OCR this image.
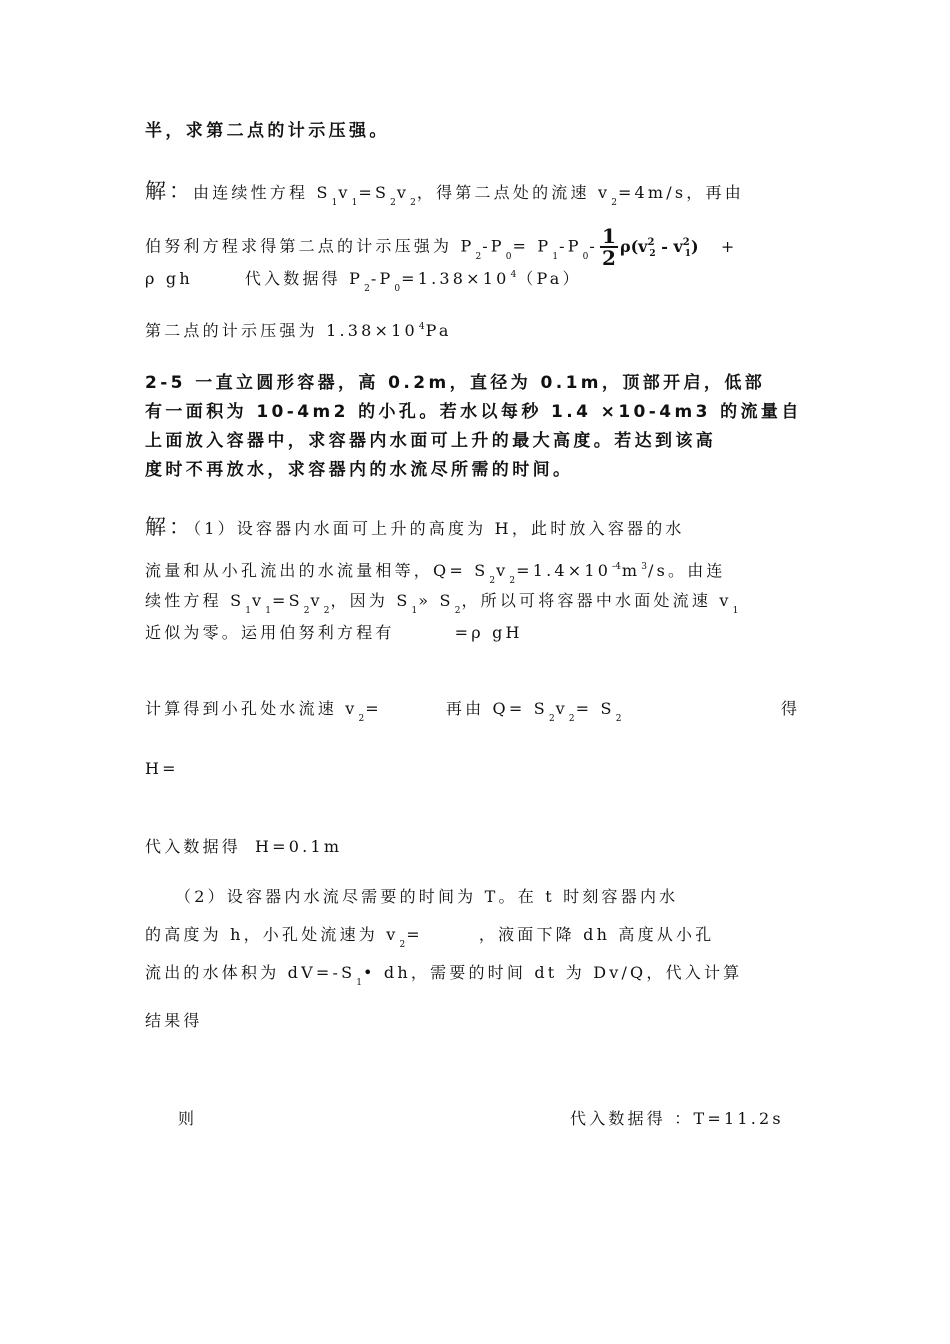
半，求第二点的计示压强。
解：由连续性方程 $S_1v_1=S_2v_2$，得第二点处的流速 $v_2=4m/s$，再由
伯努利方程求得第二点的计示压强为 $P_2-P_0= P_1-P_0- \frac{1}{2} \rho(v^2_2 - v^2_1)$ +
ρ gh	代入数据得 $P_2-P_0=1.38\times 10^4(Pa)$
第二点的计示压强为 $1.38\times 10^4Pa$
2-5 一直立圆形容器，高 0.2m，直径为 0.1m，顶部开启，低部
有一面积为 10-4m2 的小孔。若水以每秒 1.4 ×10-4m3 的流量自
上面放入容器中，求容器内水面可上升的最大高度。若达到该高
度时不再放水，求容器内的水流尽所需的时间。
解：（1）设容器内水面可上升的高度为 H，此时放入容器的水
流量和从小孔流出的水流量相等，$Q= S_2v_2=1.4\times 10^{-4}m^3/s$。由连
续性方程 $S_1v_1=S_2v_2$，因为 $S_1$» $S_2$，所以可将容器中水面处流速 $v_1$
近似为零。运用伯努利方程有	=ρ gH
计算得到小孔处水流速 $v_2=$	再由 $Q= S_2v_2= S_2$
得
H=
代入数据得 H=0.1m
（2）设容器内水流尽需要的时间为 T。在 t 时刻容器内水
的高度为 h，小孔处流速为 $v_2=$	，液面下降 dh 高度从小孔
流出的水体积为 $dV=-S_1•$ dh，需要的时间 dt 为 Dv/Q，代入计算
结果得
则	代入数据得 ：T=11.2s
